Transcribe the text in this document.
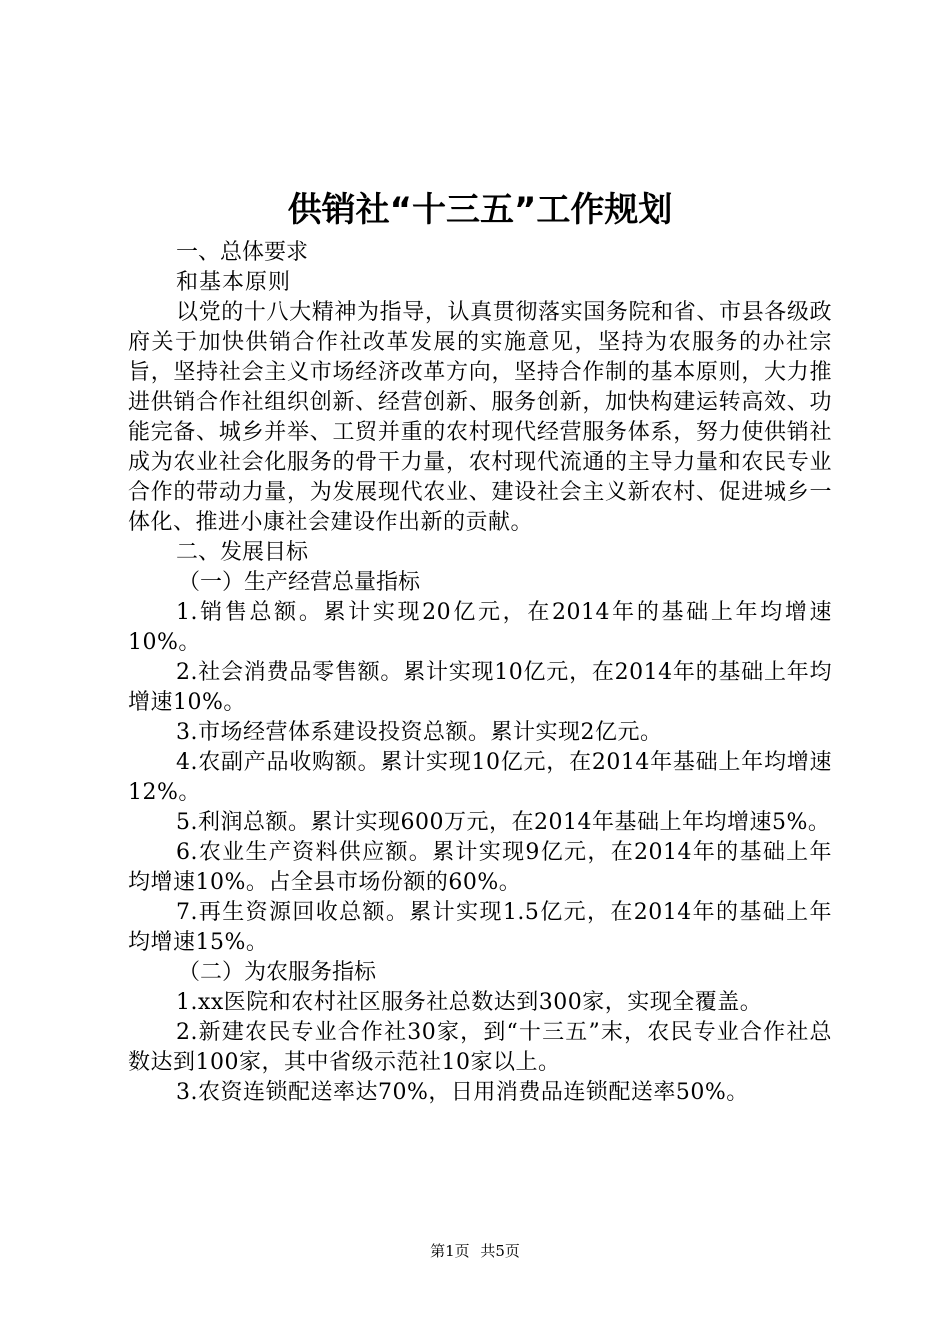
供销社“十三五”工作规划
一、总体要求
和基本原则

以党的十八大精神为指导，认真贯彻落实国务院和省、市县各级政府关于加快供销合作社改革发展的实施意见，坚持为农服务的办社宗旨，坚持社会主义市场经济改革方向，坚持合作制的基本原则，大力推进供销合作社组织创新、经营创新、服务创新，加快构建运转高效、功能完备、城乡并举、工贸并重的农村现代经营服务体系，努力使供销社成为农业社会化服务的骨干力量，农村现代流通的主导力量和农民专业合作的带动力量，为发展现代农业、建设社会主义新农村、促进城乡一体化、推进小康社会建设作出新的贡献。

二、发展目标
（一）生产经营总量指标

1.销售总额。累计实现20亿元，在2014年的基础上年均增速10%。

2.社会消费品零售额。累计实现10亿元，在2014年的基础上年均增速10%。

3.市场经营体系建设投资总额。累计实现2亿元。

4.农副产品收购额。累计实现10亿元，在2014年基础上年均增速12%。

5.利润总额。累计实现600万元，在2014年基础上年均增速5%。

6.农业生产资料供应额。累计实现9亿元，在2014年的基础上年均增速10%。占全县市场份额的60%。

7.再生资源回收总额。累计实现1.5亿元，在2014年的基础上年均增速15%。

（二）为农服务指标

1.xx医院和农村社区服务社总数达到300家，实现全覆盖。

2.新建农民专业合作社30家，到“十三五”末，农民专业合作社总数达到100家，其中省级示范社10家以上。

3.农资连锁配送率达70%，日用消费品连锁配送率50%。

第1页 共5页
